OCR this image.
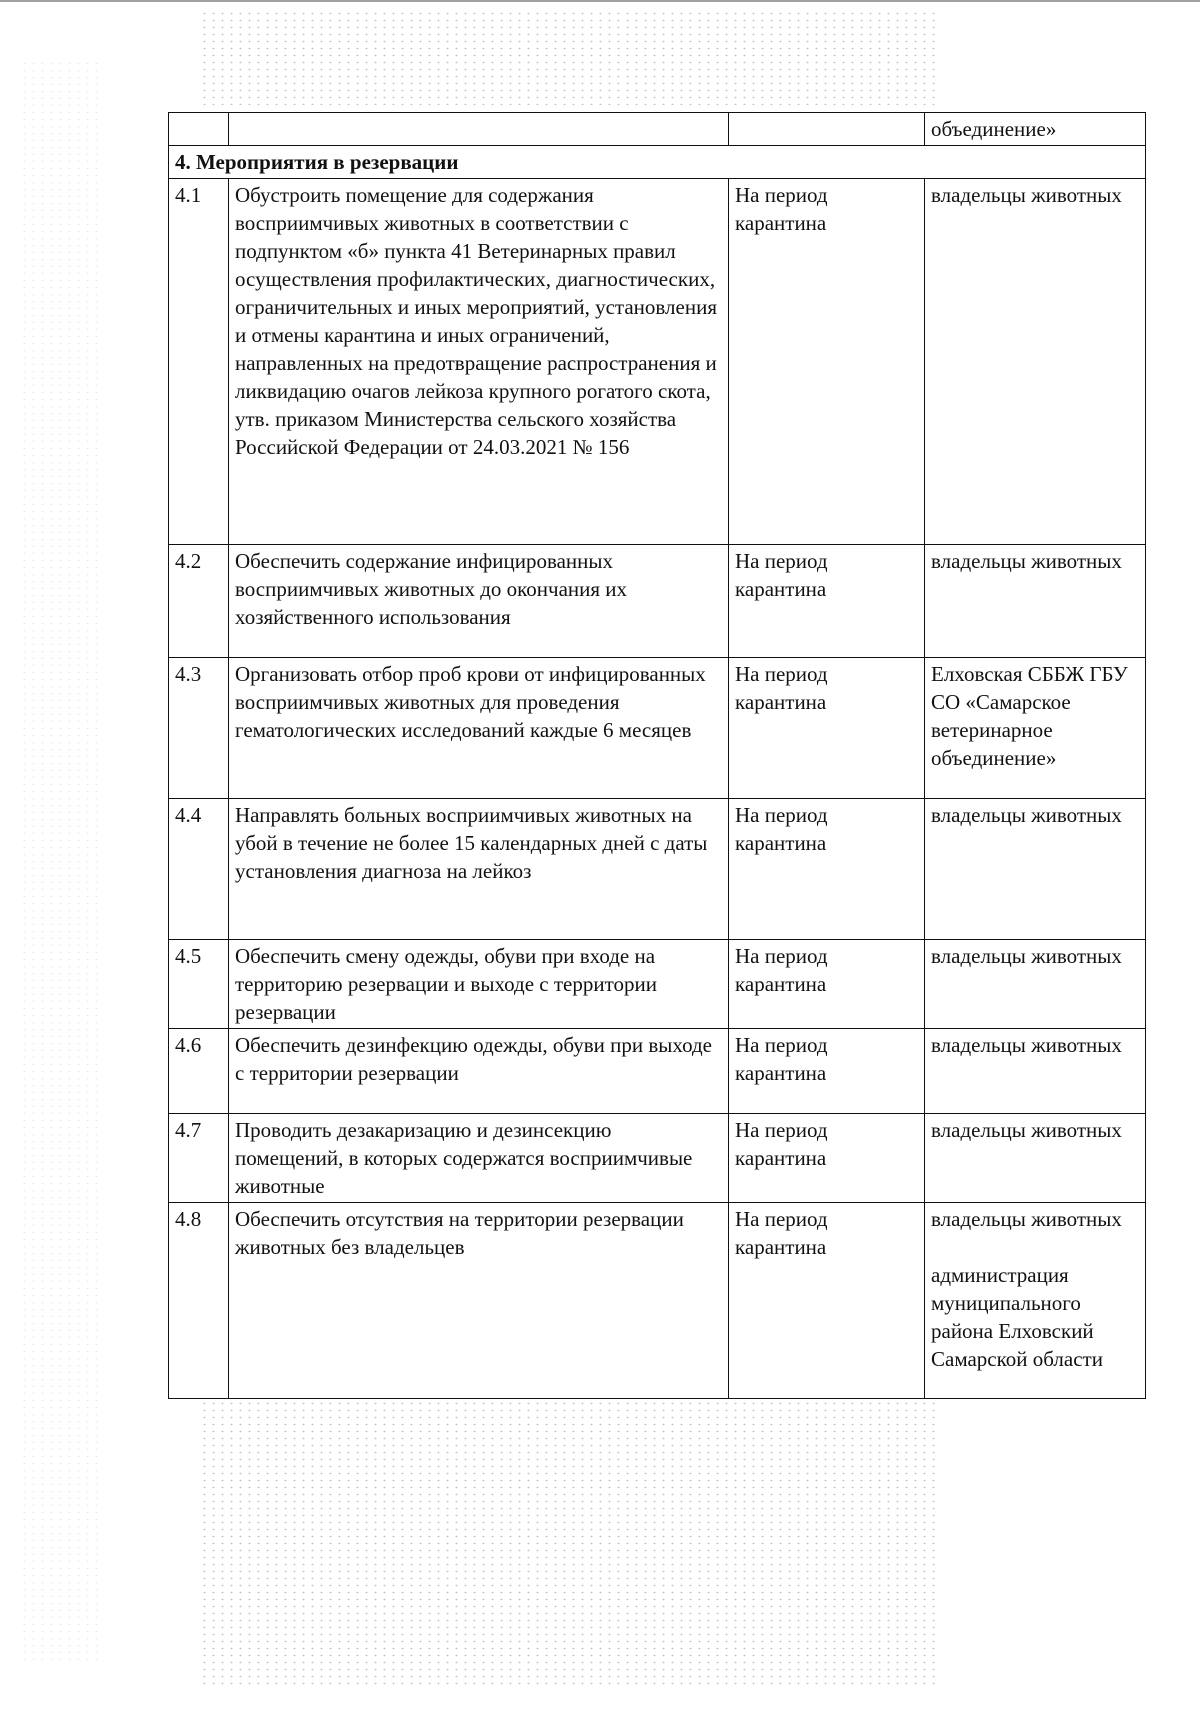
			объединение»
4. Мероприятия в резервации			
4.1	Обустроить помещение для содержания восприимчивых животных в соответствии с подпунктом «б» пункта 41 Ветеринарных правил осуществления профилактических, диагностических, ограничительных и иных мероприятий, установления и отмены карантина и иных ограничений, направленных на предотвращение распространения и ликвидацию очагов лейкоза крупного рогатого скота, утв. приказом Министерства сельского хозяйства Российской Федерации от 24.03.2021 № 156	На период карантина	владельцы животных
4.2	Обеспечить содержание инфицированных восприимчивых животных до окончания их хозяйственного использования	На период карантина	владельцы животных
4.3	Организовать отбор проб крови от инфицированных восприимчивых животных для проведения гематологических исследований каждые 6 месяцев	На период карантина	Елховская СББЖ ГБУ СО «Самарское ветеринарное объединение»
4.4	Направлять больных восприимчивых животных на убой в течение не более 15 календарных дней с даты установления диагноза на лейкоз	На период карантина	владельцы животных
4.5	Обеспечить смену одежды, обуви при входе на территорию резервации и выходе с территории резервации	На период карантина	владельцы животных
4.6	Обеспечить дезинфекцию одежды, обуви при выходе с территории резервации	На период карантина	владельцы животных
4.7	Проводить дезакаризацию и дезинсекцию помещений, в которых содержатся восприимчивые животные	На период карантина	владельцы животных
4.8	Обеспечить отсутствия на территории резервации животных без владельцев	На период карантина	владельцы животных
администрация муниципального района Елховский Самарской области
